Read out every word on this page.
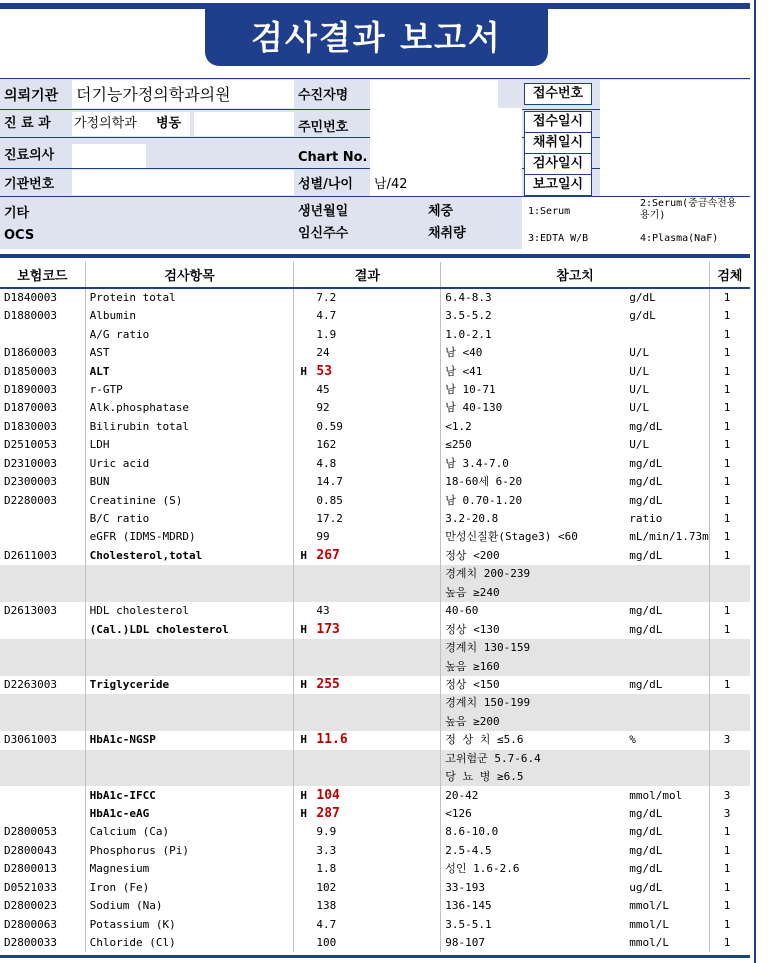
검사결과 보고서
의뢰기관 더기능가정의학과의원
진 료 과 가정의학과 병동
진료의사
기관번호
기타
OCS
수진자명
주민번호
Chart No.
성별/나이 남/42
생년월일
임신주수
체중
채취량
접수번호
접수일시
채취일시
검사일시
보고일시
1:Serum
2:Serum(중금속전용용기)
3:EDTA W/B	4:Plasma(NaF)
보험코드	검사항목	결과	참고치	검체
D1840003	Protein total	7.2	6.4-8.3 g/dL	1
D1880003	Albumin	4.7	3.5-5.2 g/dL	1
	A/G ratio	1.9	1.0-2.1	1
D1860003	AST	24	남 <40 U/L	1
D1850003	ALT	H 53	남 <41 U/L	1
D1890003	r-GTP	45	남 10-71 U/L	1
D1870003	Alk.phosphatase	92	남 40-130 U/L	1
D1830003	Bilirubin total	0.59	<1.2 mg/dL	1
D2510053	LDH	162	≤250 U/L	1
D2310003	Uric acid	4.8	남 3.4-7.0 mg/dL	1
D2300003	BUN	14.7	18-60세 6-20 mg/dL	1
D2280003	Creatinine (S)	0.85	남 0.70-1.20 mg/dL	1
	B/C ratio	17.2	3.2-20.8 ratio	1
	eGFR (IDMS-MDRD)	99	만성신질환(Stage3) <60 mL/min/1.73m	1
D2611003	Cholesterol,total	H 267	정상 <200 mg/dL	1
			경계치 200-239	
			높음 ≥240	
D2613003	HDL cholesterol	43	40-60 mg/dL	1
	(Cal.)LDL cholesterol	H 173	정상 <130 mg/dL	1
			경계치 130-159	
			높음 ≥160	
D2263003	Triglyceride	H 255	정상 <150 mg/dL	1
			경계치 150-199	
			높음 ≥200	
D3061003	HbA1c-NGSP	H 11.6	정 상 치 ≤5.6 %	3
			고위험군 5.7-6.4	
			당 뇨 병 ≥6.5	
	HbA1c-IFCC	H 104	20-42 mmol/mol	3
	HbA1c-eAG	H 287	<126 mg/dL	3
D2800053	Calcium (Ca)	9.9	8.6-10.0 mg/dL	1
D2800043	Phosphorus (Pi)	3.3	2.5-4.5 mg/dL	1
D2800013	Magnesium	1.8	성인 1.6-2.6 mg/dL	1
D0521033	Iron (Fe)	102	33-193 ug/dL	1
D2800023	Sodium (Na)	138	136-145 mmol/L	1
D2800063	Potassium (K)	4.7	3.5-5.1 mmol/L	1
D2800033	Chloride (Cl)	100	98-107 mmol/L	1
